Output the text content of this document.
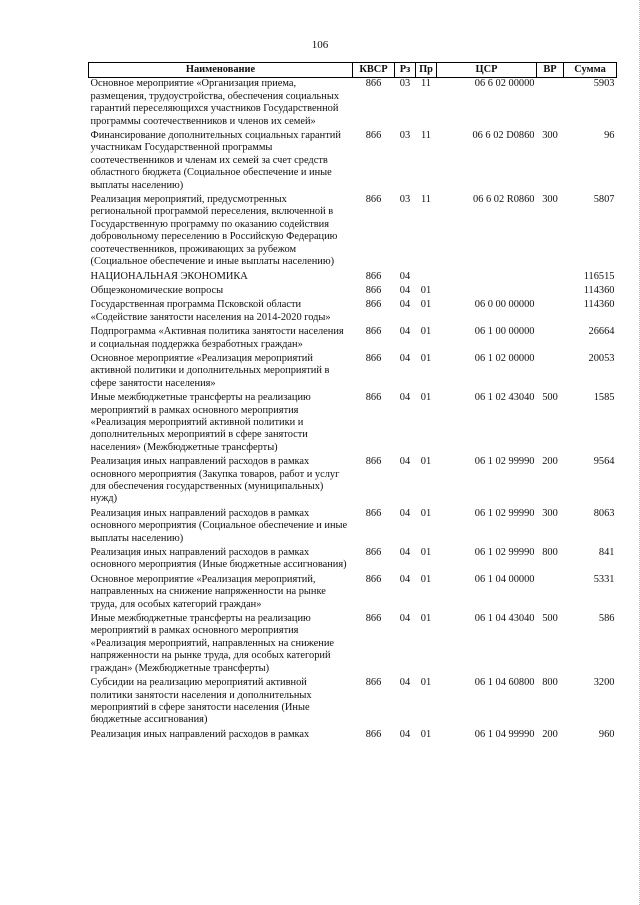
106
Наименование	КВСР	Рз	Пр	ЦСР	ВР	Сумма
Основное мероприятие «Организация приема, размещения, трудоустройства, обеспечения социальных гарантий переселяющихся участников Государственной программы соотечественников и членов их семей»	866	03	11	06 6 02 00000		5903
Финансирование дополнительных социальных гарантий участникам Государственной программы соотечественников и членам их семей за счет средств областного бюджета (Социальное обеспечение и иные выплаты населению)	866	03	11	06 6 02 D0860	300	96
Реализация мероприятий, предусмотренных региональной программой переселения, включенной в Государственную программу по оказанию содействия добровольному переселению в Российскую Федерацию соотечественников, проживающих за рубежом (Социальное обеспечение и иные выплаты населению)	866	03	11	06 6 02 R0860	300	5807
НАЦИОНАЛЬНАЯ ЭКОНОМИКА	866	04				116515
Общеэкономические вопросы	866	04	01			114360
Государственная программа Псковской области «Содействие занятости населения на 2014-2020 годы»	866	04	01	06 0 00 00000		114360
Подпрограмма «Активная политика занятости населения и социальная поддержка безработных граждан»	866	04	01	06 1 00 00000		26664
Основное мероприятие «Реализация мероприятий активной политики и дополнительных мероприятий в сфере занятости населения»	866	04	01	06 1 02 00000		20053
Иные межбюджетные трансферты на реализацию мероприятий в рамках основного мероприятия «Реализация мероприятий активной политики и дополнительных мероприятий в сфере занятости населения» (Межбюджетные трансферты)	866	04	01	06 1 02 43040	500	1585
Реализация иных направлений расходов в рамках основного мероприятия (Закупка товаров, работ и услуг для обеспечения государственных (муниципальных) нужд)	866	04	01	06 1 02 99990	200	9564
Реализация иных направлений расходов в рамках основного мероприятия (Социальное обеспечение и иные выплаты населению)	866	04	01	06 1 02 99990	300	8063
Реализация иных направлений расходов в рамках основного мероприятия (Иные бюджетные ассигнования)	866	04	01	06 1 02 99990	800	841
Основное мероприятие «Реализация мероприятий, направленных на снижение напряженности на рынке труда, для особых категорий граждан»	866	04	01	06 1 04 00000		5331
Иные межбюджетные трансферты на реализацию мероприятий в рамках основного мероприятия «Реализация мероприятий, направленных на снижение напряженности на рынке труда, для особых категорий граждан» (Межбюджетные трансферты)	866	04	01	06 1 04 43040	500	586
Субсидии на реализацию мероприятий активной политики занятости населения и дополнительных мероприятий в сфере занятости населения (Иные бюджетные ассигнования)	866	04	01	06 1 04 60800	800	3200
Реализация иных направлений расходов в рамках	866	04	01	06 1 04 99990	200	960
